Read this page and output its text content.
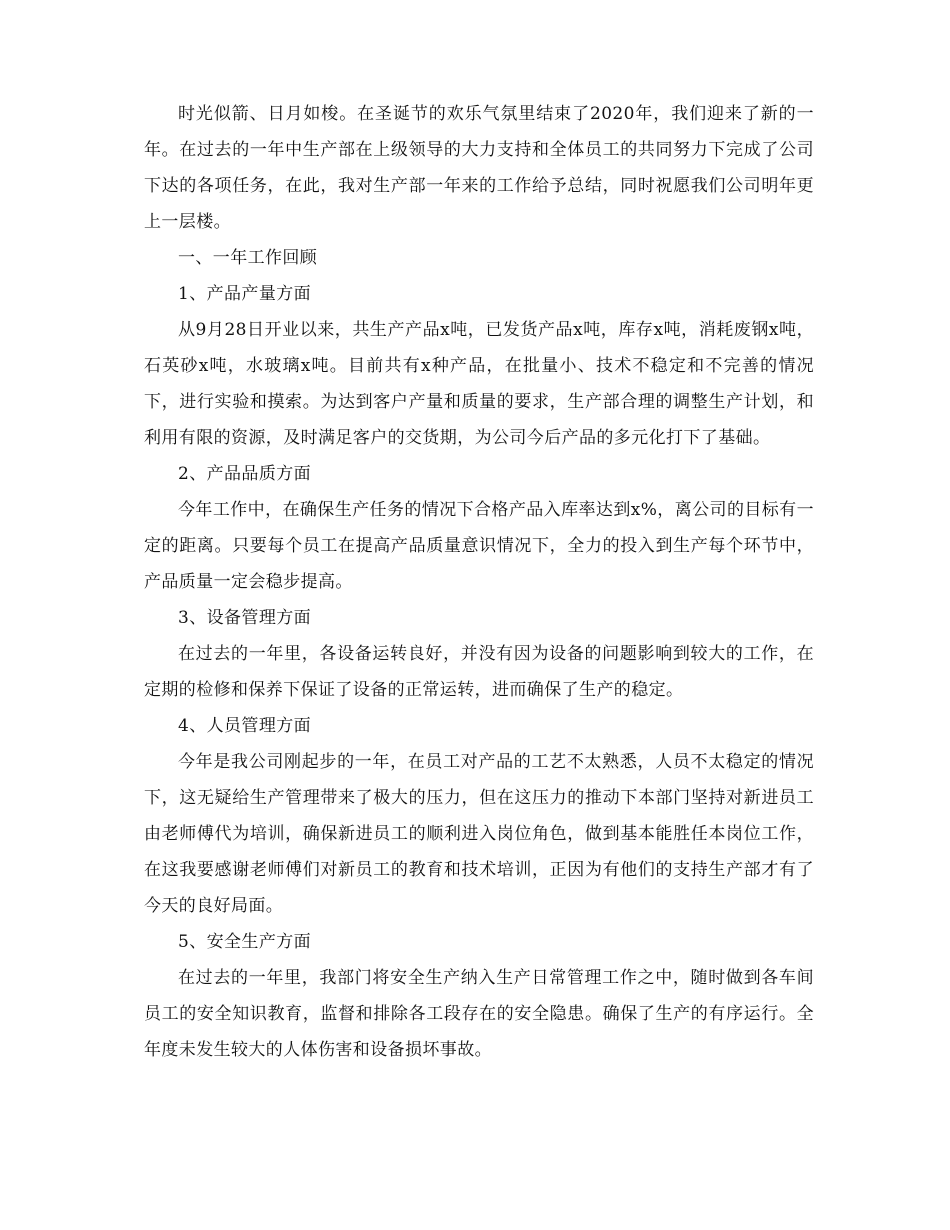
时光似箭、日月如梭。在圣诞节的欢乐气氛里结束了2020年，我们迎来了新的一年。在过去的一年中生产部在上级领导的大力支持和全体员工的共同努力下完成了公司下达的各项任务，在此，我对生产部一年来的工作给予总结，同时祝愿我们公司明年更上一层楼。

一、一年工作回顾

1、产品产量方面

从9月28日开业以来，共生产产品x吨，已发货产品x吨，库存x吨，消耗废钢x吨，石英砂x吨，水玻璃x吨。目前共有x种产品，在批量小、技术不稳定和不完善的情况下，进行实验和摸索。为达到客户产量和质量的要求，生产部合理的调整生产计划，和利用有限的资源，及时满足客户的交货期，为公司今后产品的多元化打下了基础。

2、产品品质方面

今年工作中，在确保生产任务的情况下合格产品入库率达到x%，离公司的目标有一定的距离。只要每个员工在提高产品质量意识情况下，全力的投入到生产每个环节中，产品质量一定会稳步提高。

3、设备管理方面

在过去的一年里，各设备运转良好，并没有因为设备的问题影响到较大的工作，在定期的检修和保养下保证了设备的正常运转，进而确保了生产的稳定。

4、人员管理方面

今年是我公司刚起步的一年，在员工对产品的工艺不太熟悉，人员不太稳定的情况下，这无疑给生产管理带来了极大的压力，但在这压力的推动下本部门坚持对新进员工由老师傅代为培训，确保新进员工的顺利进入岗位角色，做到基本能胜任本岗位工作，在这我要感谢老师傅们对新员工的教育和技术培训，正因为有他们的支持生产部才有了今天的良好局面。

5、安全生产方面

在过去的一年里，我部门将安全生产纳入生产日常管理工作之中，随时做到各车间员工的安全知识教育，监督和排除各工段存在的安全隐患。确保了生产的有序运行。全年度未发生较大的人体伤害和设备损坏事故。
